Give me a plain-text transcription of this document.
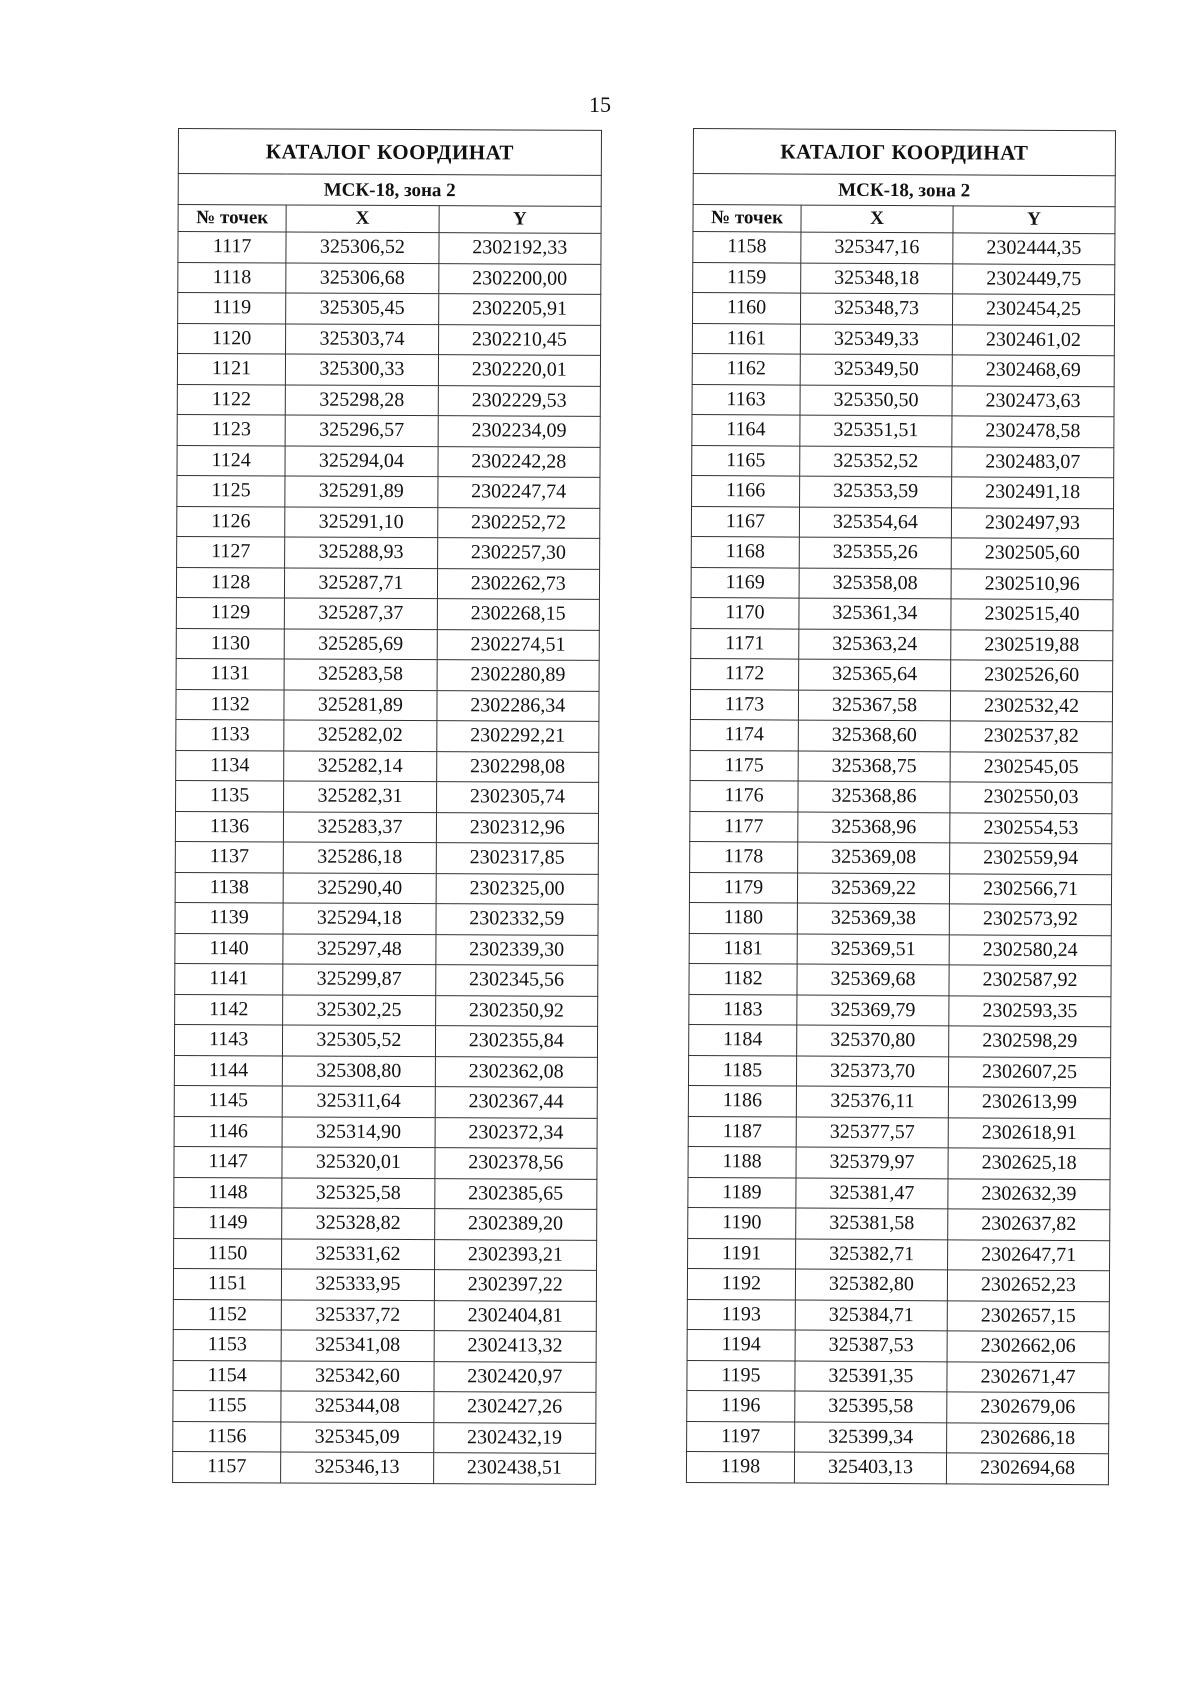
15
КАТАЛОГ КООРДИНАТ		
МСК-18, зона 2		
№ точек	X	Y
1117	325306,52	2302192,33
1118	325306,68	2302200,00
1119	325305,45	2302205,91
1120	325303,74	2302210,45
1121	325300,33	2302220,01
1122	325298,28	2302229,53
1123	325296,57	2302234,09
1124	325294,04	2302242,28
1125	325291,89	2302247,74
1126	325291,10	2302252,72
1127	325288,93	2302257,30
1128	325287,71	2302262,73
1129	325287,37	2302268,15
1130	325285,69	2302274,51
1131	325283,58	2302280,89
1132	325281,89	2302286,34
1133	325282,02	2302292,21
1134	325282,14	2302298,08
1135	325282,31	2302305,74
1136	325283,37	2302312,96
1137	325286,18	2302317,85
1138	325290,40	2302325,00
1139	325294,18	2302332,59
1140	325297,48	2302339,30
1141	325299,87	2302345,56
1142	325302,25	2302350,92
1143	325305,52	2302355,84
1144	325308,80	2302362,08
1145	325311,64	2302367,44
1146	325314,90	2302372,34
1147	325320,01	2302378,56
1148	325325,58	2302385,65
1149	325328,82	2302389,20
1150	325331,62	2302393,21
1151	325333,95	2302397,22
1152	325337,72	2302404,81
1153	325341,08	2302413,32
1154	325342,60	2302420,97
1155	325344,08	2302427,26
1156	325345,09	2302432,19
1157	325346,13	2302438,51
КАТАЛОГ КООРДИНАТ		
МСК-18, зона 2		
№ точек	X	Y
1158	325347,16	2302444,35
1159	325348,18	2302449,75
1160	325348,73	2302454,25
1161	325349,33	2302461,02
1162	325349,50	2302468,69
1163	325350,50	2302473,63
1164	325351,51	2302478,58
1165	325352,52	2302483,07
1166	325353,59	2302491,18
1167	325354,64	2302497,93
1168	325355,26	2302505,60
1169	325358,08	2302510,96
1170	325361,34	2302515,40
1171	325363,24	2302519,88
1172	325365,64	2302526,60
1173	325367,58	2302532,42
1174	325368,60	2302537,82
1175	325368,75	2302545,05
1176	325368,86	2302550,03
1177	325368,96	2302554,53
1178	325369,08	2302559,94
1179	325369,22	2302566,71
1180	325369,38	2302573,92
1181	325369,51	2302580,24
1182	325369,68	2302587,92
1183	325369,79	2302593,35
1184	325370,80	2302598,29
1185	325373,70	2302607,25
1186	325376,11	2302613,99
1187	325377,57	2302618,91
1188	325379,97	2302625,18
1189	325381,47	2302632,39
1190	325381,58	2302637,82
1191	325382,71	2302647,71
1192	325382,80	2302652,23
1193	325384,71	2302657,15
1194	325387,53	2302662,06
1195	325391,35	2302671,47
1196	325395,58	2302679,06
1197	325399,34	2302686,18
1198	325403,13	2302694,68
